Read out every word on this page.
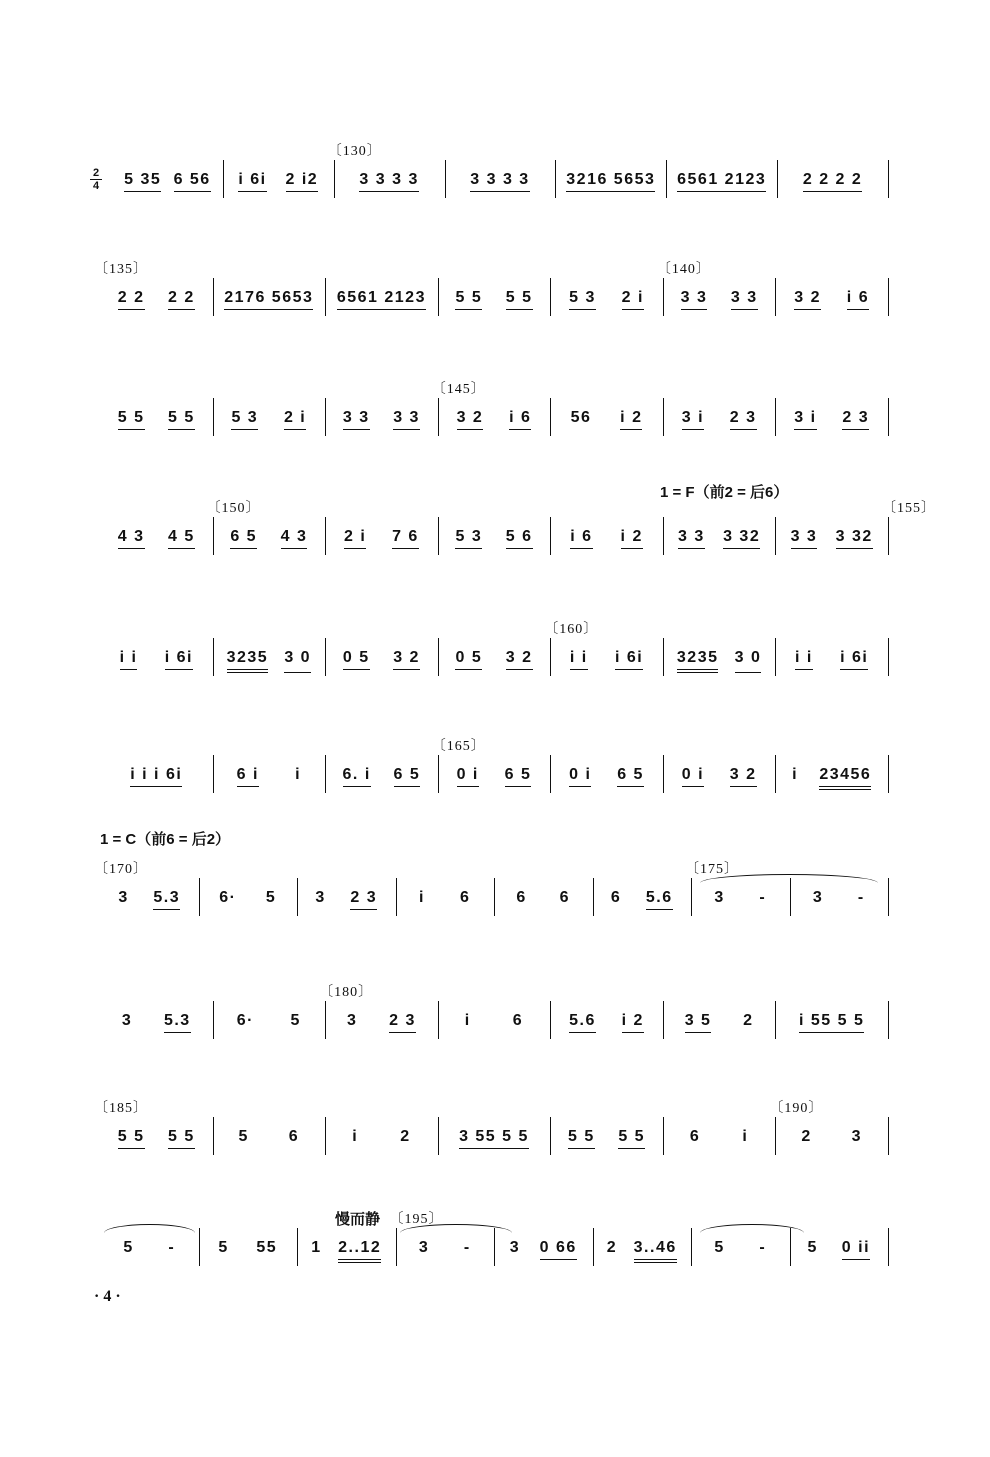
2
4
· 4 ·
〔130〕
5 35 6 56 i 6i 2 i2	3 3 3 3	3 3 3 3 3216 5653 6561 2123 2 2 2 2
〔135〕	〔140〕
2 2 2 2 2176 5653 6561 2123 5 5 5 5 5 3 2 i 3 3 3 3 3 2 i 6
〔145〕
5 5 5 5 5 3 2 i 3 3 3 3 3 2 i 6 56 i 2 3 i 2 3 3 i 2 3
1 = F（前2 = 后6）
〔150〕	〔155〕
4 3 4 5 6 5 4 3 2 i 7 6 5 3 5 6 i 6 i 2 3 3 3 32 3 3 3 32
〔160〕
i i i 6i 3235 3 0 0 5 3 2 0 5 3 2 i i i 6i 3235 3 0 i i i 6i
〔165〕
i i i 6i	6 i i	6. i 6 5 0 i 6 5 0 i 6 5 0 i 3 2 i 23456
1 = C（前6 = 后2）
〔170〕	〔175〕
3 5.3 6· 5 3 2 3	i 6	6 6	6 5.6	3 -	3 -
〔180〕
3 5.3	6· 5	3 2 3	i	6	5.6 i 2	3 5 2	i 55 5 5
〔185〕	〔190〕
5 5 5 5	5 6	i	2	3 55 5 5 5 5 5 5	6	i	2 3
慢而静 〔195〕
5 -	5 55 1 2..12 3 - 3 0 66 2 3..46 5 -	5 0 ii
